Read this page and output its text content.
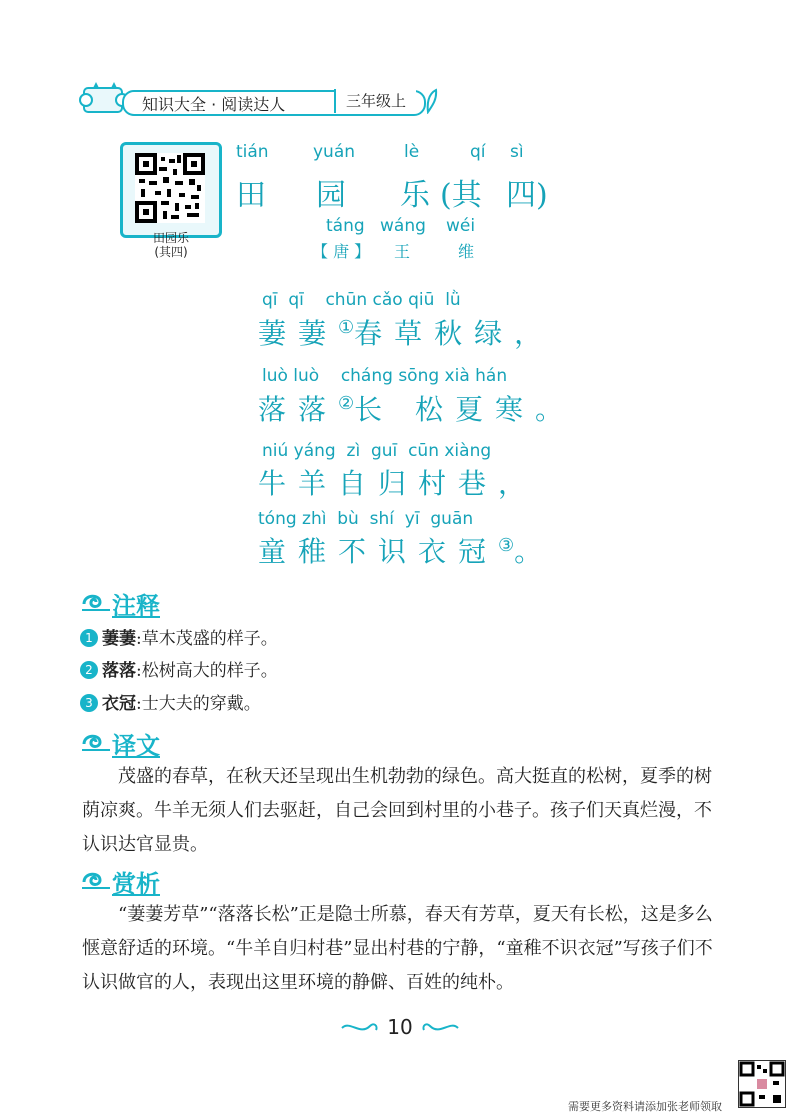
知识大全 · 阅读达人	三年级上
田园乐
(其四)
tián	yuán	lè	qí sì
田 园 乐 (其 四)
táng wáng wéi
【 唐 】 王	维
qī  qī    chūn cǎo qiū  lǜ
萋萋①春草秋绿，
luò luò    cháng sōng xià hán
落落②长 松夏寒。
niú yáng  zì  guī  cūn xiàng
牛羊自归村巷，
tóng zhì  bù  shí  yī  guān
童稚不识衣冠③。
注释
1 萋萋:草木茂盛的样子。
2 落落:松树高大的样子。
3 衣冠:士大夫的穿戴。
译文
茂盛的春草，在秋天还呈现出生机勃勃的绿色。高大挺直的松树，夏季的树荫凉爽。牛羊无须人们去驱赶，自己会回到村里的小巷子。孩子们天真烂漫，不认识达官显贵。
赏析
“萋萋芳草”“落落长松”正是隐士所慕，春天有芳草，夏天有长松，这是多么惬意舒适的环境。“牛羊自归村巷”显出村巷的宁静，“童稚不识衣冠”写孩子们不认识做官的人，表现出这里环境的静僻、百姓的纯朴。
10
需要更多资料请添加张老师领取
